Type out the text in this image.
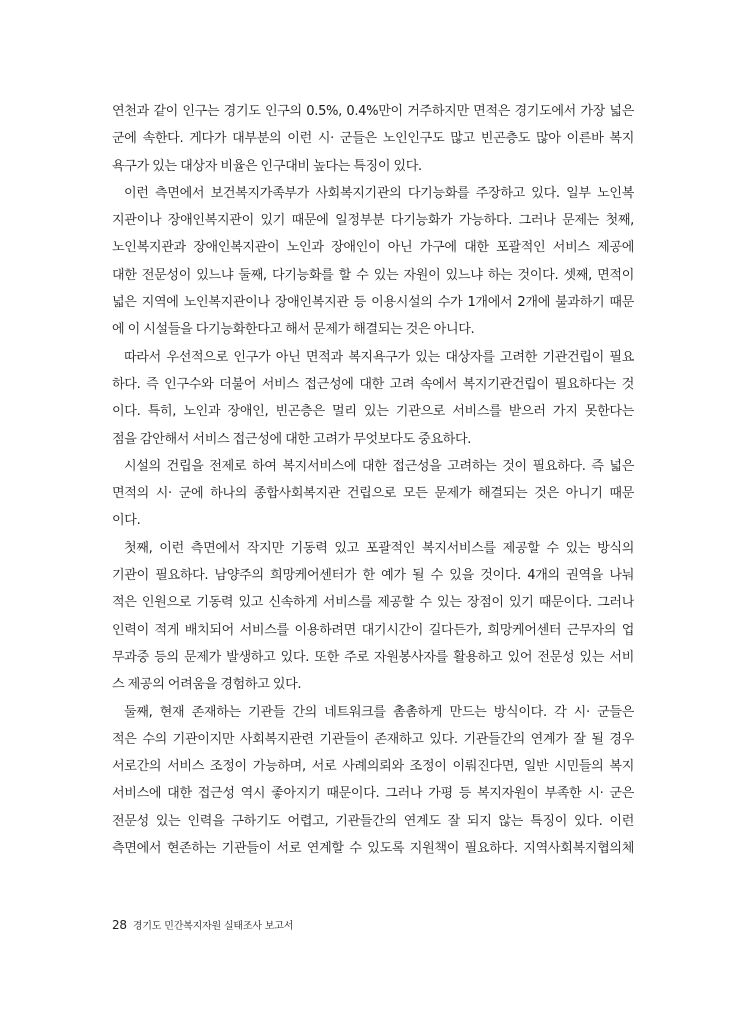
연천과 같이 인구는 경기도 인구의 0.5%, 0.4%만이 거주하지만 면적은 경기도에서 가장 넓은
군에 속한다. 게다가 대부분의 이런 시· 군들은 노인인구도 많고 빈곤층도 많아 이른바 복지
욕구가 있는 대상자 비율은 인구대비 높다는 특징이 있다.
이런 측면에서 보건복지가족부가 사회복지기관의 다기능화를 주장하고 있다. 일부 노인복
지관이나 장애인복지관이 있기 때문에 일정부분 다기능화가 가능하다. 그러나 문제는 첫째,
노인복지관과 장애인복지관이 노인과 장애인이 아닌 가구에 대한 포괄적인 서비스 제공에
대한 전문성이 있느냐 둘째, 다기능화를 할 수 있는 자원이 있느냐 하는 것이다. 셋째, 면적이
넓은 지역에 노인복지관이나 장애인복지관 등 이용시설의 수가 1개에서 2개에 불과하기 때문
에 이 시설들을 다기능화한다고 해서 문제가 해결되는 것은 아니다.
따라서 우선적으로 인구가 아닌 면적과 복지욕구가 있는 대상자를 고려한 기관건립이 필요
하다. 즉 인구수와 더불어 서비스 접근성에 대한 고려 속에서 복지기관건립이 필요하다는 것
이다. 특히, 노인과 장애인, 빈곤층은 멀리 있는 기관으로 서비스를 받으러 가지 못한다는
점을 감안해서 서비스 접근성에 대한 고려가 무엇보다도 중요하다.
시설의 건립을 전제로 하여 복지서비스에 대한 접근성을 고려하는 것이 필요하다. 즉 넓은
면적의 시· 군에 하나의 종합사회복지관 건립으로 모든 문제가 해결되는 것은 아니기 때문
이다.
첫째, 이런 측면에서 작지만 기동력 있고 포괄적인 복지서비스를 제공할 수 있는 방식의
기관이 필요하다. 남양주의 희망케어센터가 한 예가 될 수 있을 것이다. 4개의 권역을 나눠
적은 인원으로 기동력 있고 신속하게 서비스를 제공할 수 있는 장점이 있기 때문이다. 그러나
인력이 적게 배치되어 서비스를 이용하려면 대기시간이 길다든가, 희망케어센터 근무자의 업
무과중 등의 문제가 발생하고 있다. 또한 주로 자원봉사자를 활용하고 있어 전문성 있는 서비
스 제공의 어려움을 경험하고 있다.
둘째, 현재 존재하는 기관들 간의 네트워크를 촘촘하게 만드는 방식이다. 각 시· 군들은
적은 수의 기관이지만 사회복지관련 기관들이 존재하고 있다. 기관들간의 연계가 잘 될 경우
서로간의 서비스 조정이 가능하며, 서로 사례의뢰와 조정이 이뤄진다면, 일반 시민들의 복지
서비스에 대한 접근성 역시 좋아지기 때문이다. 그러나 가평 등 복지자원이 부족한 시· 군은
전문성 있는 인력을 구하기도 어렵고, 기관들간의 연계도 잘 되지 않는 특징이 있다. 이런
측면에서 현존하는 기관들이 서로 연계할 수 있도록 지원책이 필요하다. 지역사회복지협의체
28 경기도 민간복지자원 실태조사 보고서
